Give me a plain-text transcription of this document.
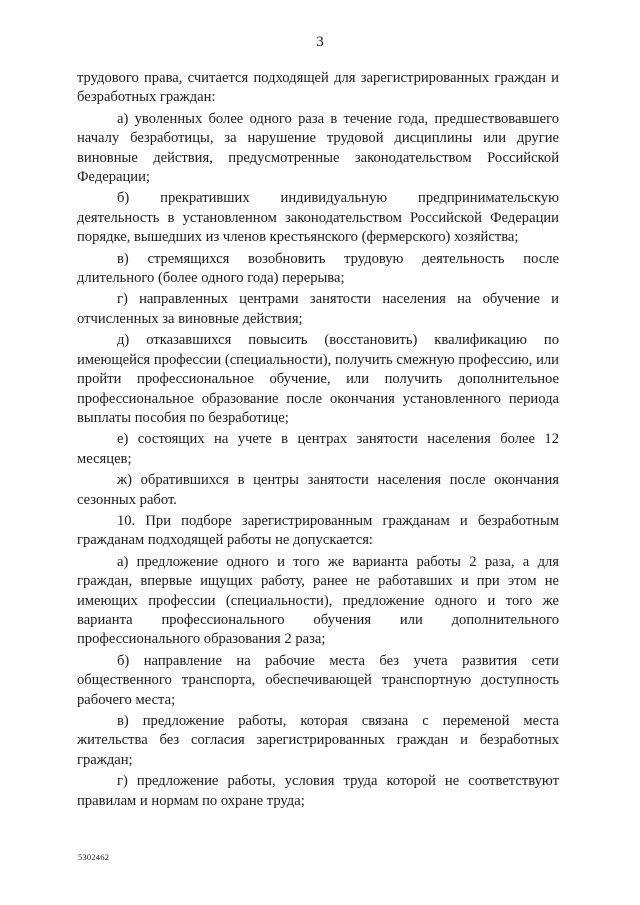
3

трудового права, считается подходящей для зарегистрированных граждан и безработных граждан:

а) уволенных более одного раза в течение года, предшествовавшего началу безработицы, за нарушение трудовой дисциплины или другие виновные действия, предусмотренные законодательством Российской Федерации;

б) прекративших индивидуальную предпринимательскую деятельность в установленном законодательством Российской Федерации порядке, вышедших из членов крестьянского (фермерского) хозяйства;

в) стремящихся возобновить трудовую деятельность после длительного (более одного года) перерыва;

г) направленных центрами занятости населения на обучение и отчисленных за виновные действия;

д) отказавшихся повысить (восстановить) квалификацию по имеющейся профессии (специальности), получить смежную профессию, или пройти профессиональное обучение, или получить дополнительное профессиональное образование после окончания установленного периода выплаты пособия по безработице;

е) состоящих на учете в центрах занятости населения более 12 месяцев;

ж) обратившихся в центры занятости населения после окончания сезонных работ.

10. При подборе зарегистрированным гражданам и безработным гражданам подходящей работы не допускается:

а) предложение одного и того же варианта работы 2 раза, а для граждан, впервые ищущих работу, ранее не работавших и при этом не имеющих профессии (специальности), предложение одного и того же варианта профессионального обучения или дополнительного профессионального образования 2 раза;

б) направление на рабочие места без учета развития сети общественного транспорта, обеспечивающей транспортную доступность рабочего места;

в) предложение работы, которая связана с переменой места жительства без согласия зарегистрированных граждан и безработных граждан;

г) предложение работы, условия труда которой не соответствуют правилам и нормам по охране труда;

5302462
